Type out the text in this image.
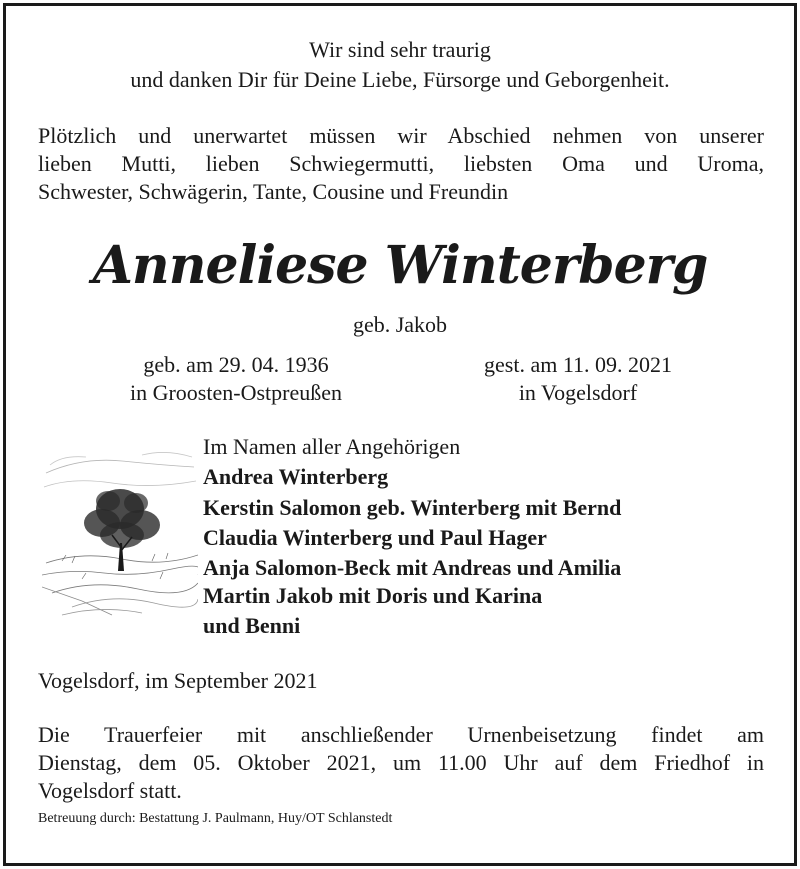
Wir sind sehr traurig
und danken Dir für Deine Liebe, Fürsorge und Geborgenheit.
Plötzlich und unerwartet müssen wir Abschied nehmen von unserer
lieben Mutti, lieben Schwiegermutti, liebsten Oma und Uroma,
Schwester, Schwägerin, Tante, Cousine und Freundin
Anneliese Winterberg
geb. Jakob
geb. am 29. 04. 1936
in Groosten-Ostpreußen
gest. am 11. 09. 2021
in Vogelsdorf
Im Namen aller Angehörigen
Andrea Winterberg
Kerstin Salomon geb. Winterberg mit Bernd
Claudia Winterberg und Paul Hager
Anja Salomon-Beck mit Andreas und Amilia
Martin Jakob mit Doris und Karina
und Benni
Vogelsdorf, im September 2021
Die Trauerfeier mit anschließender Urnenbeisetzung findet am
Dienstag, dem 05. Oktober 2021, um 11.00 Uhr auf dem Friedhof in
Vogelsdorf statt.
Betreuung durch: Bestattung J. Paulmann, Huy/OT Schlanstedt
